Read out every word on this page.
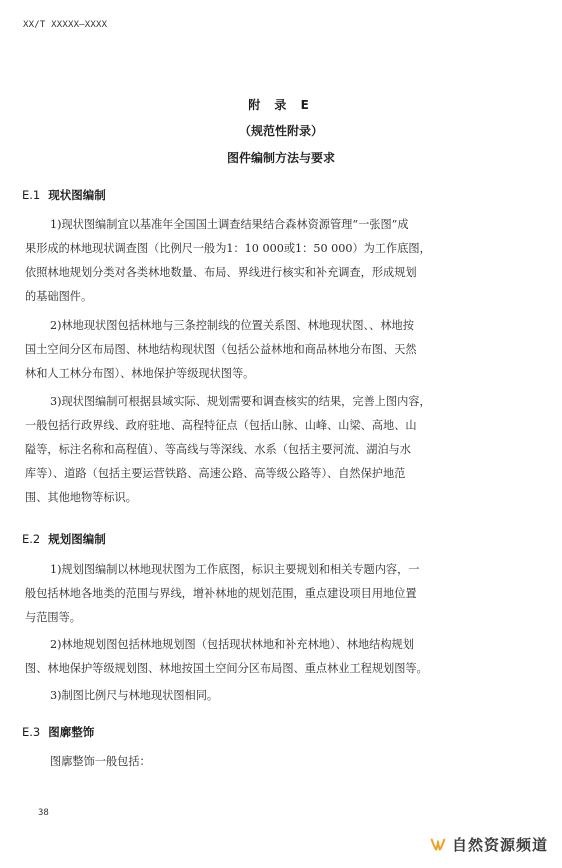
XX/T XXXXX—XXXX
附 录 E
（规范性附录）
图件编制方法与要求
E.1 现状图编制
1)现状图编制宜以基准年全国国土调查结果结合森林资源管理“一张图”成
果形成的林地现状调查图（比例尺一般为1：10 000或1：50 000）为工作底图，
依照林地规划分类对各类林地数量、布局、界线进行核实和补充调查，形成规划
的基础图件。
2)林地现状图包括林地与三条控制线的位置关系图、林地现状图、、林地按
国土空间分区布局图、林地结构现状图（包括公益林地和商品林地分布图、天然
林和人工林分布图）、林地保护等级现状图等。
3)现状图编制可根据县域实际、规划需要和调查核实的结果，完善上图内容，
一般包括行政界线、政府驻地、高程特征点（包括山脉、山峰、山梁、高地、山
隘等，标注名称和高程值）、等高线与等深线、水系（包括主要河流、湖泊与水
库等）、道路（包括主要运营铁路、高速公路、高等级公路等）、自然保护地范
围、其他地物等标识。
E.2 规划图编制
1)规划图编制以林地现状图为工作底图，标识主要规划和相关专题内容，一
般包括林地各地类的范围与界线，增补林地的规划范围，重点建设项目用地位置
与范围等。
2)林地规划图包括林地规划图（包括现状林地和补充林地）、林地结构规划
图、林地保护等级规划图、林地按国土空间分区布局图、重点林业工程规划图等。
3)制图比例尺与林地现状图相同。
E.3 图廓整饰
图廓整饰一般包括：
38
自然资源频道
